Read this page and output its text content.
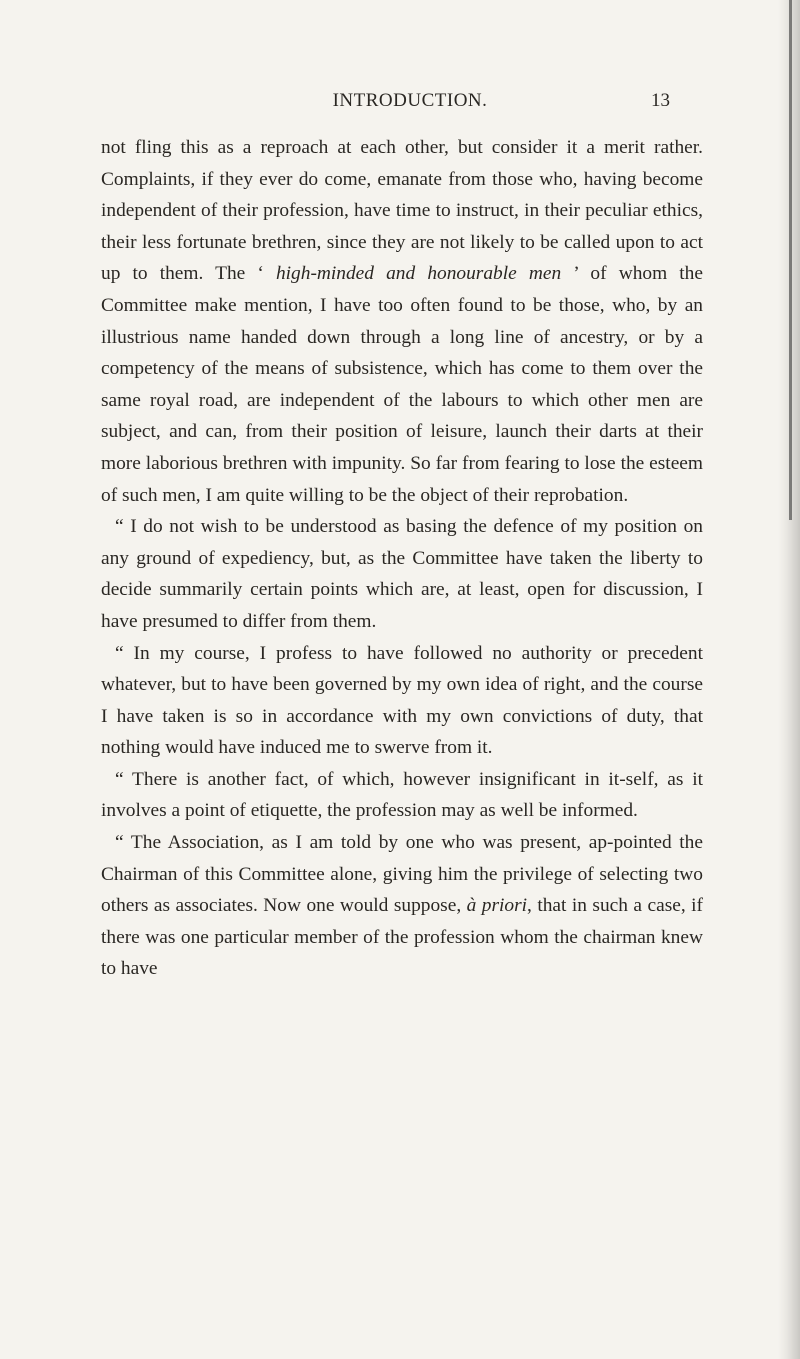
INTRODUCTION.	13

not fling this as a reproach at each other, but consider it a merit rather. Complaints, if they ever do come, emanate from those who, having become independent of their profession, have time to instruct, in their peculiar ethics, their less fortunate brethren, since they are not likely to be called upon to act up to them. The ‘ high-minded and honourable men ’ of whom the Committee make mention, I have too often found to be those, who, by an illustrious name handed down through a long line of ancestry, or by a competency of the means of subsistence, which has come to them over the same royal road, are independent of the labours to which other men are subject, and can, from their position of leisure, launch their darts at their more laborious brethren with impunity. So far from fearing to lose the esteem of such men, I am quite willing to be the object of their reprobation.

“ I do not wish to be understood as basing the defence of my position on any ground of expediency, but, as the Committee have taken the liberty to decide summarily certain points which are, at least, open for discussion, I have presumed to differ from them.

“ In my course, I profess to have followed no authority or precedent whatever, but to have been governed by my own idea of right, and the course I have taken is so in accordance with my own convictions of duty, that nothing would have induced me to swerve from it.

“ There is another fact, of which, however insignificant in it-self, as it involves a point of etiquette, the profession may as well be informed.

“ The Association, as I am told by one who was present, ap-pointed the Chairman of this Committee alone, giving him the privilege of selecting two others as associates. Now one would suppose, à priori, that in such a case, if there was one particular member of the profession whom the chairman knew to have
